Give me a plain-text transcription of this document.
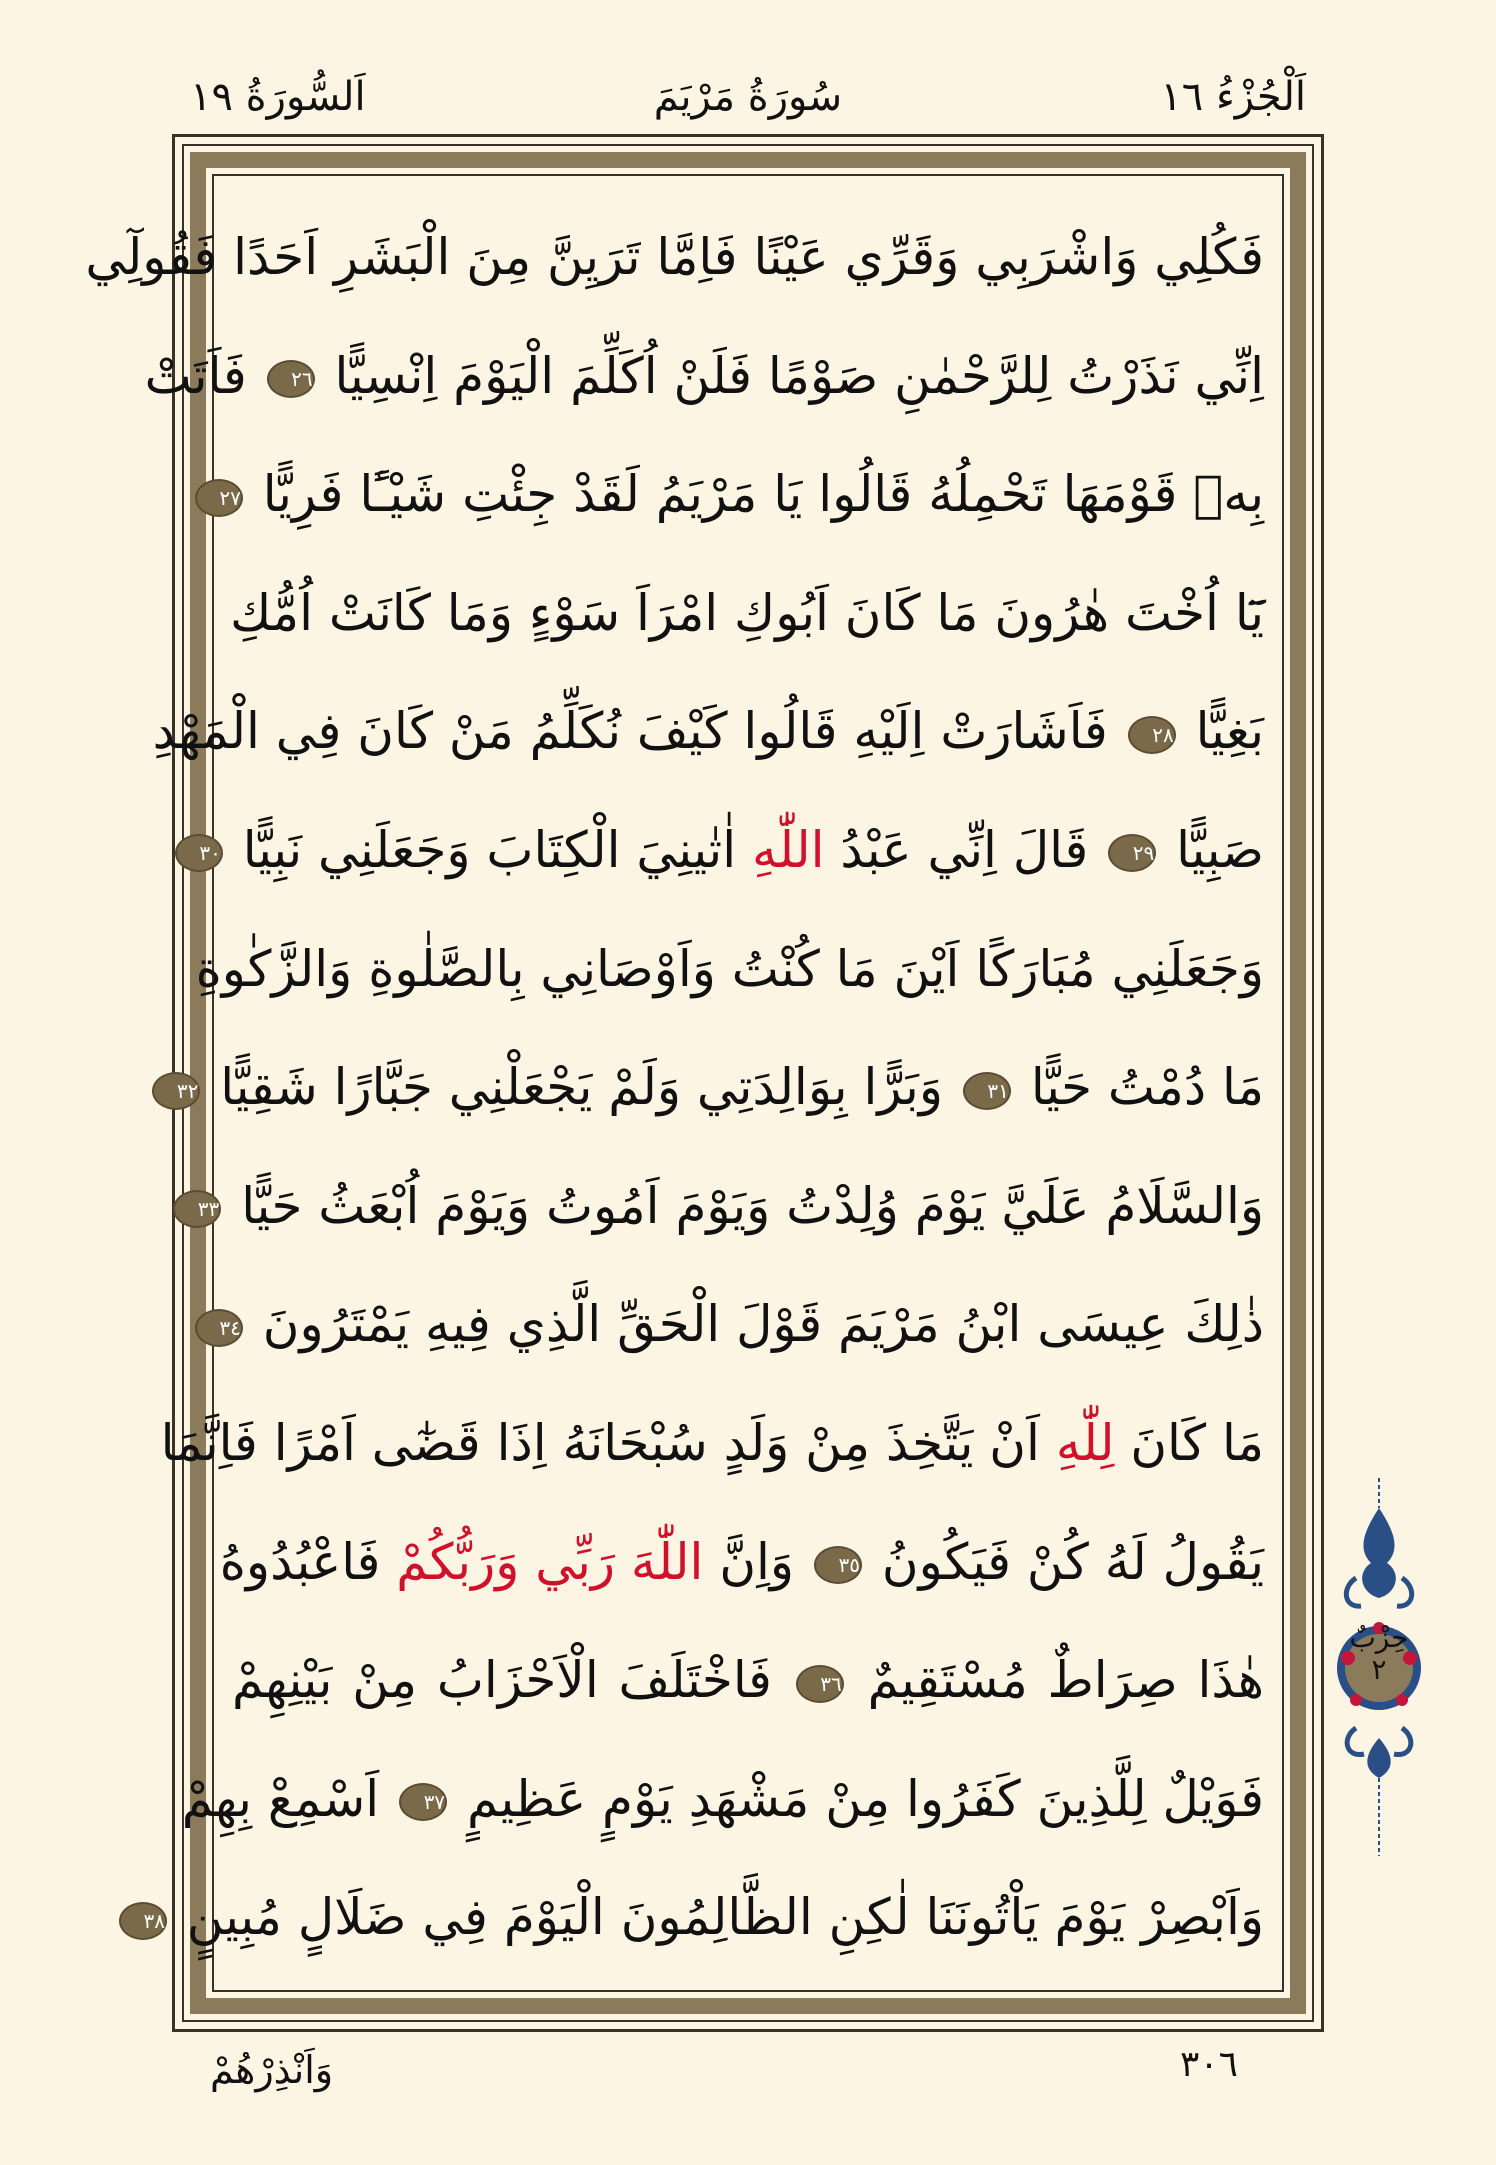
اَلْجُزْءُ ١٦
سُورَةُ مَرْيَمَ
اَلسُّورَةُ ١٩
فَكُلِي وَاشْرَبِي وَقَرِّي عَيْنًا فَاِمَّا تَرَيِنَّ مِنَ الْبَشَرِ اَحَدًا فَقُولِٓي
اِنِّي نَذَرْتُ لِلرَّحْمٰنِ صَوْمًا فَلَنْ اُكَلِّمَ الْيَوْمَ اِنْسِيًّا ٢٦ فَاَتَتْ
بِهٖ قَوْمَهَا تَحْمِلُهُ قَالُوا يَا مَرْيَمُ لَقَدْ جِئْتِ شَيْـًٔا فَرِيًّا ٢٧
يَٓا اُخْتَ هٰرُونَ مَا كَانَ اَبُوكِ امْرَاَ سَوْءٍ وَمَا كَانَتْ اُمُّكِ
بَغِيًّا ٢٨ فَاَشَارَتْ اِلَيْهِ قَالُوا كَيْفَ نُكَلِّمُ مَنْ كَانَ فِي الْمَهْدِ
صَبِيًّا ٢٩ قَالَ اِنِّي عَبْدُ اللّٰهِ اٰتٰينِيَ الْكِتَابَ وَجَعَلَنِي نَبِيًّا ٣٠
وَجَعَلَنِي مُبَارَكًا اَيْنَ مَا كُنْتُ وَاَوْصَانِي بِالصَّلٰوةِ وَالزَّكٰوةِ
مَا دُمْتُ حَيًّا ٣١ وَبَرًّا بِوَالِدَتِي وَلَمْ يَجْعَلْنِي جَبَّارًا شَقِيًّا ٣٢
وَالسَّلَامُ عَلَيَّ يَوْمَ وُلِدْتُ وَيَوْمَ اَمُوتُ وَيَوْمَ اُبْعَثُ حَيًّا ٣٣
ذٰلِكَ عِيسَى ابْنُ مَرْيَمَ قَوْلَ الْحَقِّ الَّذِي فِيهِ يَمْتَرُونَ ٣٤
مَا كَانَ لِلّٰهِ اَنْ يَتَّخِذَ مِنْ وَلَدٍ سُبْحَانَهُ اِذَا قَضٰٓى اَمْرًا فَاِنَّمَا
يَقُولُ لَهُ كُنْ فَيَكُونُ ٣٥ وَاِنَّ اللّٰهَ رَبِّي وَرَبُّكُمْ فَاعْبُدُوهُ
هٰذَا صِرَاطٌ مُسْتَقِيمٌ ٣٦ فَاخْتَلَفَ الْاَحْزَابُ مِنْ بَيْنِهِمْ
فَوَيْلٌ لِلَّذِينَ كَفَرُوا مِنْ مَشْهَدِ يَوْمٍ عَظِيمٍ ٣٧ اَسْمِعْ بِهِمْ
وَاَبْصِرْ يَوْمَ يَاْتُونَنَا لٰكِنِ الظَّالِمُونَ الْيَوْمَ فِي ضَلَالٍ مُبِينٍ ٣٨
حِزْبٌ
٢
وَاَنْذِرْهُمْ	٣٠٦
